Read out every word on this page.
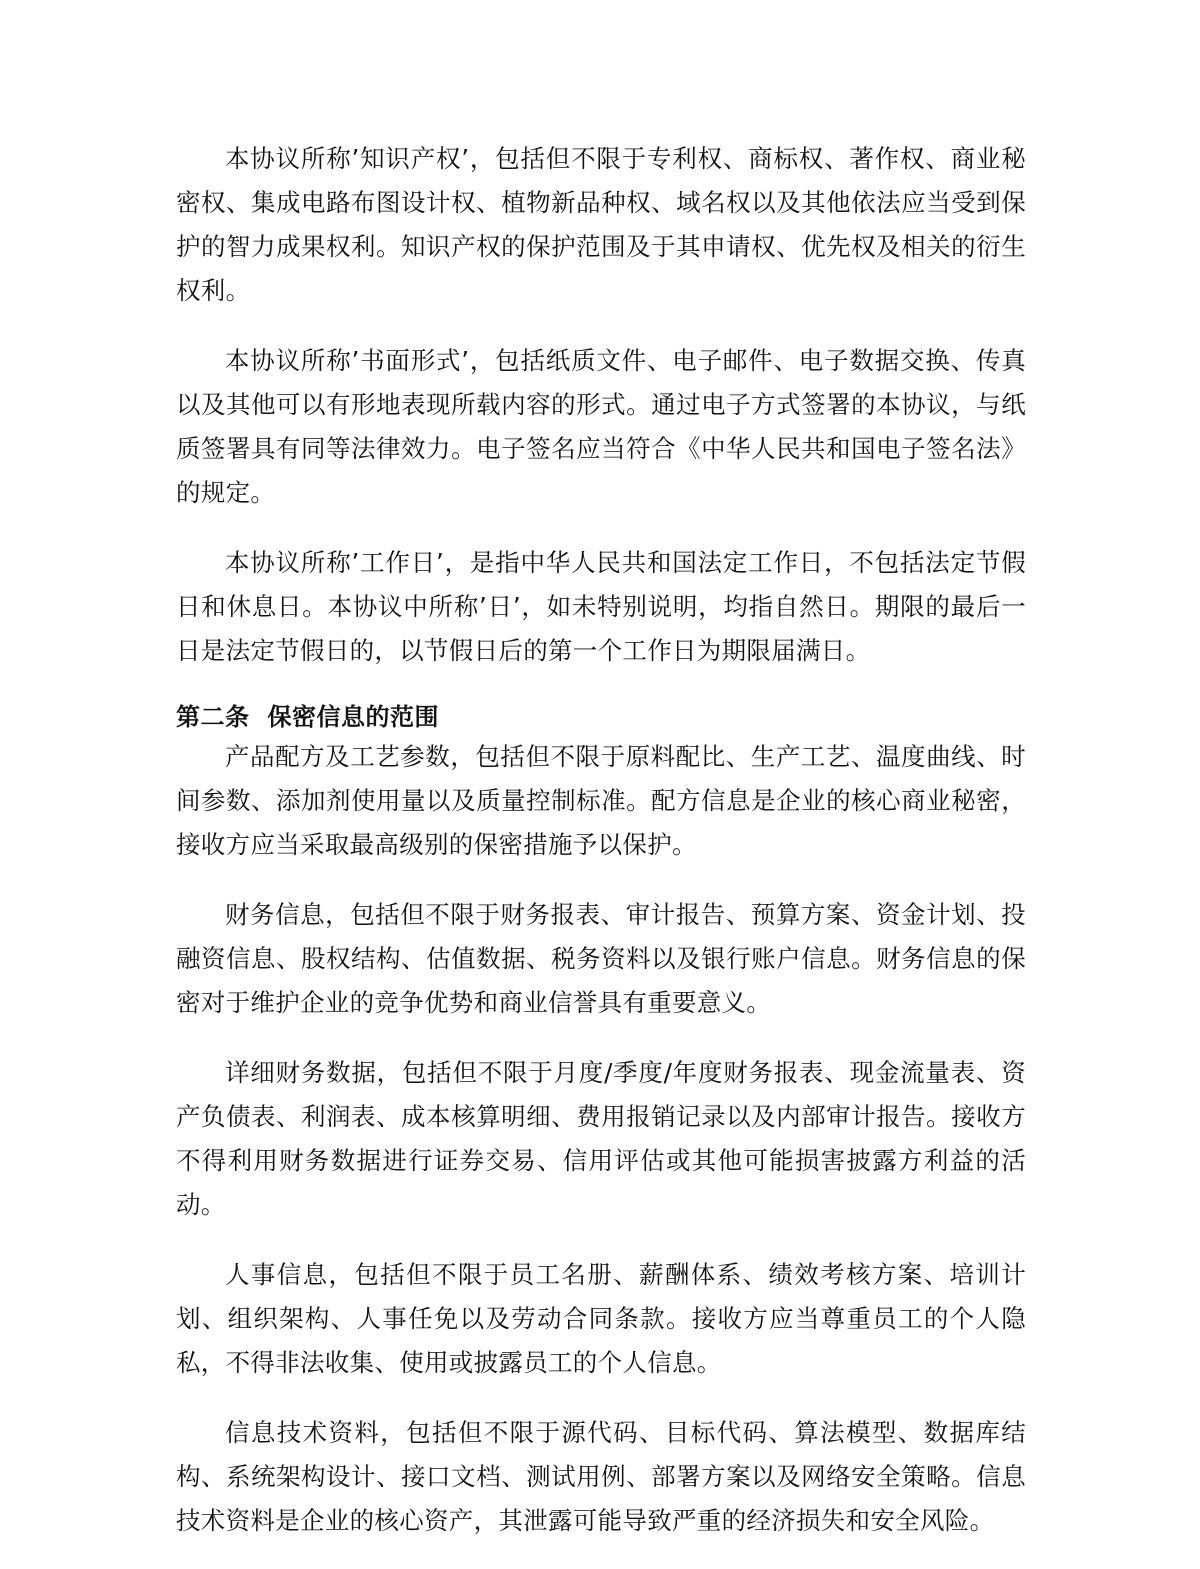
本协议所称’知识产权’，包括但不限于专利权、商标权、著作权、商业秘密权、集成电路布图设计权、植物新品种权、域名权以及其他依法应当受到保护的智力成果权利。知识产权的保护范围及于其申请权、优先权及相关的衍生权利。

本协议所称’书面形式’，包括纸质文件、电子邮件、电子数据交换、传真以及其他可以有形地表现所载内容的形式。通过电子方式签署的本协议，与纸质签署具有同等法律效力。电子签名应当符合《中华人民共和国电子签名法》的规定。

本协议所称’工作日’，是指中华人民共和国法定工作日，不包括法定节假日和休息日。本协议中所称’日’，如未特别说明，均指自然日。期限的最后一日是法定节假日的，以节假日后的第一个工作日为期限届满日。

第二条 保密信息的范围

产品配方及工艺参数，包括但不限于原料配比、生产工艺、温度曲线、时间参数、添加剂使用量以及质量控制标准。配方信息是企业的核心商业秘密，接收方应当采取最高级别的保密措施予以保护。

财务信息，包括但不限于财务报表、审计报告、预算方案、资金计划、投融资信息、股权结构、估值数据、税务资料以及银行账户信息。财务信息的保密对于维护企业的竞争优势和商业信誉具有重要意义。

详细财务数据，包括但不限于月度/季度/年度财务报表、现金流量表、资产负债表、利润表、成本核算明细、费用报销记录以及内部审计报告。接收方不得利用财务数据进行证券交易、信用评估或其他可能损害披露方利益的活动。

人事信息，包括但不限于员工名册、薪酬体系、绩效考核方案、培训计划、组织架构、人事任免以及劳动合同条款。接收方应当尊重员工的个人隐私，不得非法收集、使用或披露员工的个人信息。

信息技术资料，包括但不限于源代码、目标代码、算法模型、数据库结构、系统架构设计、接口文档、测试用例、部署方案以及网络安全策略。信息技术资料是企业的核心资产，其泄露可能导致严重的经济损失和安全风险。
